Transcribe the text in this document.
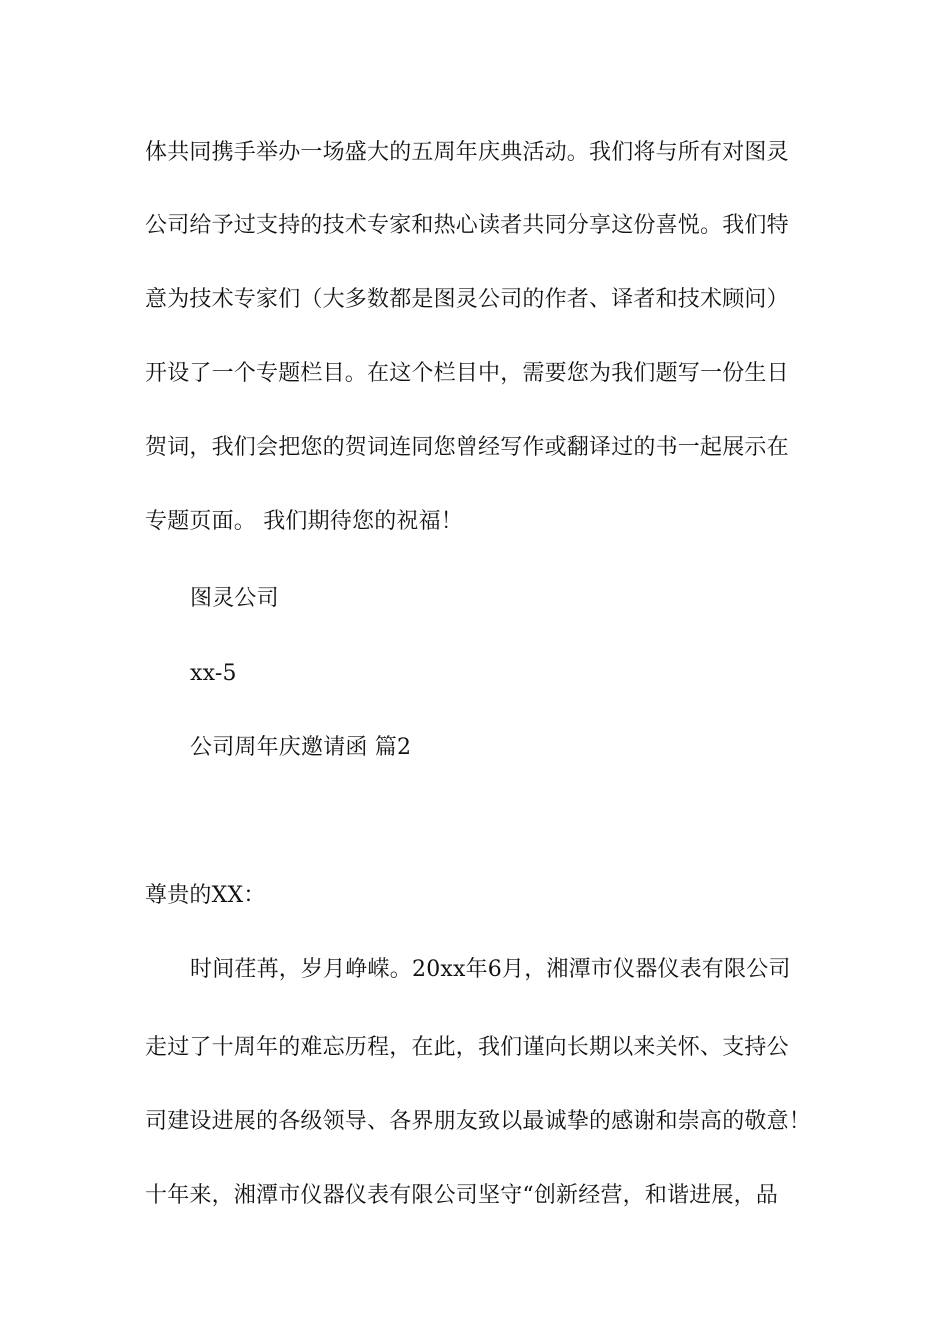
体共同携手举办一场盛大的五周年庆典活动。我们将与所有对图灵
公司给予过支持的技术专家和热心读者共同分享这份喜悦。我们特
意为技术专家们（大多数都是图灵公司的作者、译者和技术顾问）
开设了一个专题栏目。在这个栏目中，需要您为我们题写一份生日
贺词，我们会把您的贺词连同您曾经写作或翻译过的书一起展示在
专题页面。 我们期待您的祝福！
图灵公司
xx-5
公司周年庆邀请函 篇2
尊贵的XX：
时间荏苒，岁月峥嵘。20xx年6月，湘潭市仪器仪表有限公司
走过了十周年的难忘历程，在此，我们谨向长期以来关怀、支持公
司建设进展的各级领导、各界朋友致以最诚挚的感谢和崇高的敬意！
十年来，湘潭市仪器仪表有限公司坚守“创新经营，和谐进展，品
